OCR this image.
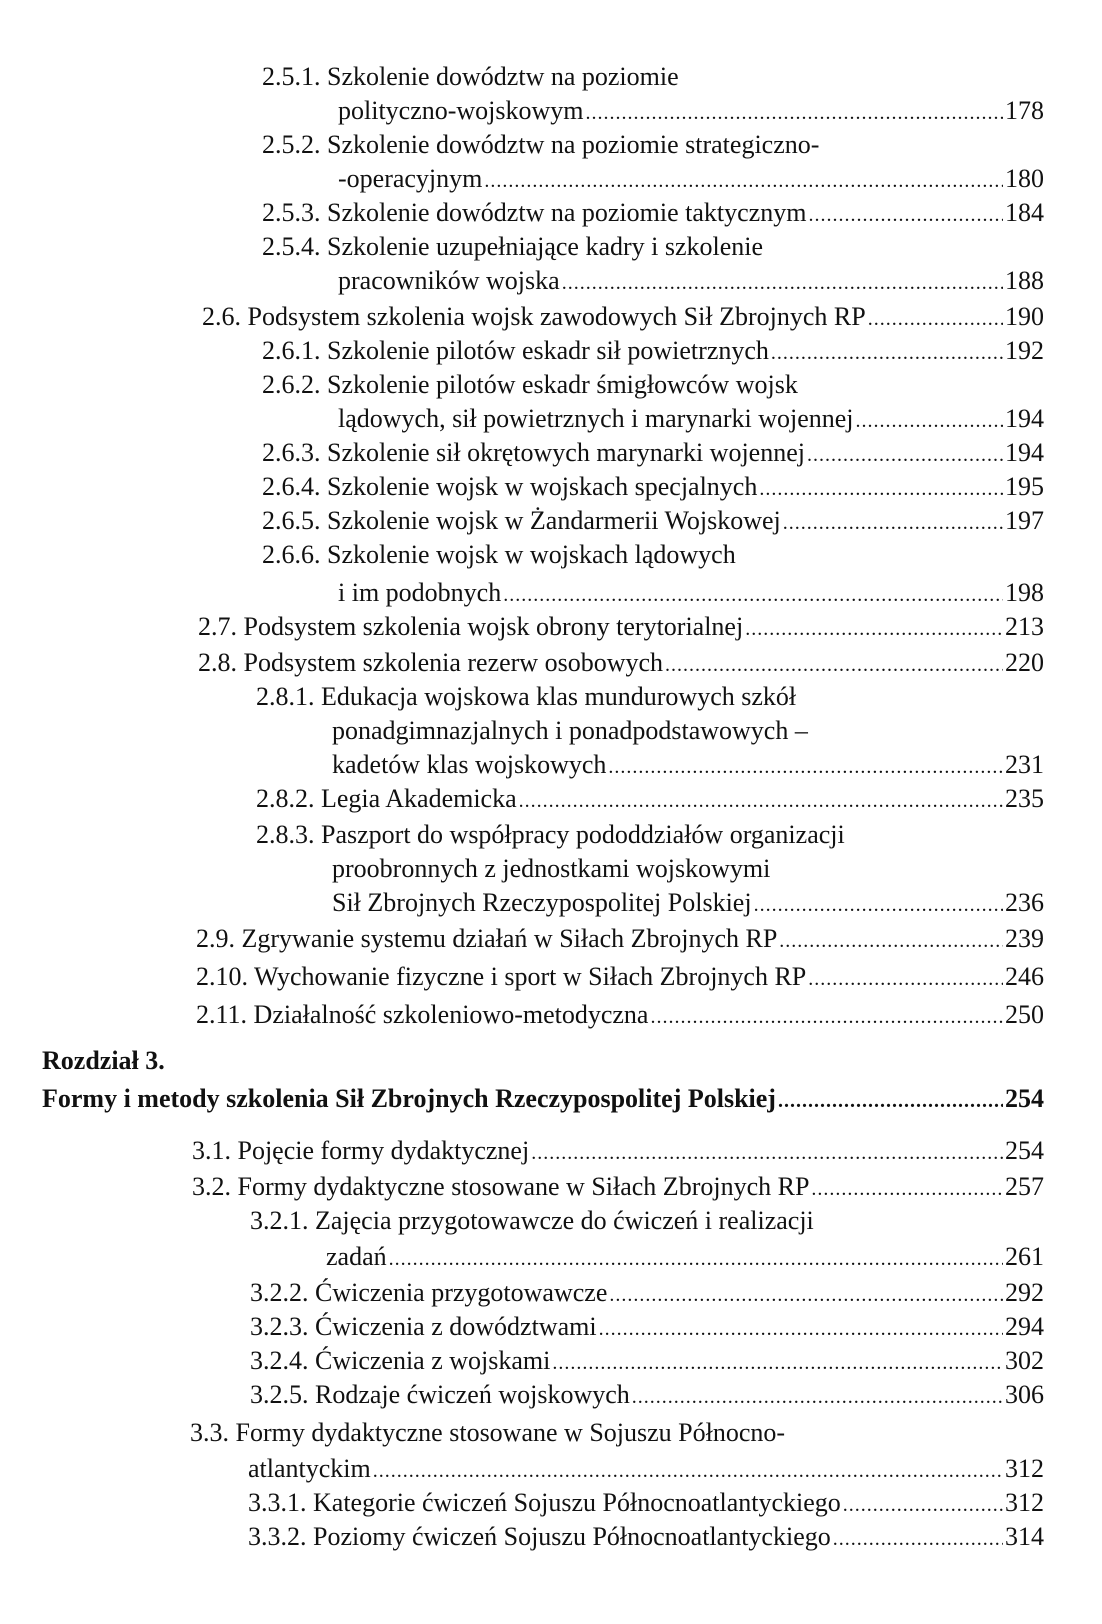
2.5.1. Szkolenie dowództw na poziomie
polityczno-wojskowym .....	178
2.5.2. Szkolenie dowództw na poziomie strategiczno-
-operacyjnym .....	180
2.5.3. Szkolenie dowództw na poziomie taktycznym .....	184
2.5.4. Szkolenie uzupełniające kadry i szkolenie
pracowników wojska .....	188
2.6. Podsystem szkolenia wojsk zawodowych Sił Zbrojnych RP .....	190
2.6.1. Szkolenie pilotów eskadr sił powietrznych .....	192
2.6.2. Szkolenie pilotów eskadr śmigłowców wojsk
lądowych, sił powietrznych i marynarki wojennej .....	194
2.6.3. Szkolenie sił okrętowych marynarki wojennej .....	194
2.6.4. Szkolenie wojsk w wojskach specjalnych .....	195
2.6.5. Szkolenie wojsk w Żandarmerii Wojskowej .....	197
2.6.6. Szkolenie wojsk w wojskach lądowych
i im podobnych .....	198
2.7. Podsystem szkolenia wojsk obrony terytorialnej .....	213
2.8. Podsystem szkolenia rezerw osobowych .....	220
2.8.1. Edukacja wojskowa klas mundurowych szkół
ponadgimnazjalnych i ponadpodstawowych –
kadetów klas wojskowych .....	231
2.8.2. Legia Akademicka .....	235
2.8.3. Paszport do współpracy pododdziałów organizacji
proobronnych z jednostkami wojskowymi
Sił Zbrojnych Rzeczypospolitej Polskiej .....	236
2.9. Zgrywanie systemu działań w Siłach Zbrojnych RP .....	239
2.10. Wychowanie fizyczne i sport w Siłach Zbrojnych RP .....	246
2.11. Działalność szkoleniowo-metodyczna .....	250
Rozdział 3.
Formy i metody szkolenia Sił Zbrojnych Rzeczypospolitej Polskiej .....	254
3.1. Pojęcie formy dydaktycznej .....	254
3.2. Formy dydaktyczne stosowane w Siłach Zbrojnych RP .....	257
3.2.1. Zajęcia przygotowawcze do ćwiczeń i realizacji
zadań .....	261
3.2.2. Ćwiczenia przygotowawcze .....	292
3.2.3. Ćwiczenia z dowództwami .....	294
3.2.4. Ćwiczenia z wojskami .....	302
3.2.5. Rodzaje ćwiczeń wojskowych .....	306
3.3. Formy dydaktyczne stosowane w Sojuszu Północno-
atlantyckim .....	312
3.3.1. Kategorie ćwiczeń Sojuszu Północnoatlantyckiego .....	312
3.3.2. Poziomy ćwiczeń Sojuszu Północnoatlantyckiego .....	314
